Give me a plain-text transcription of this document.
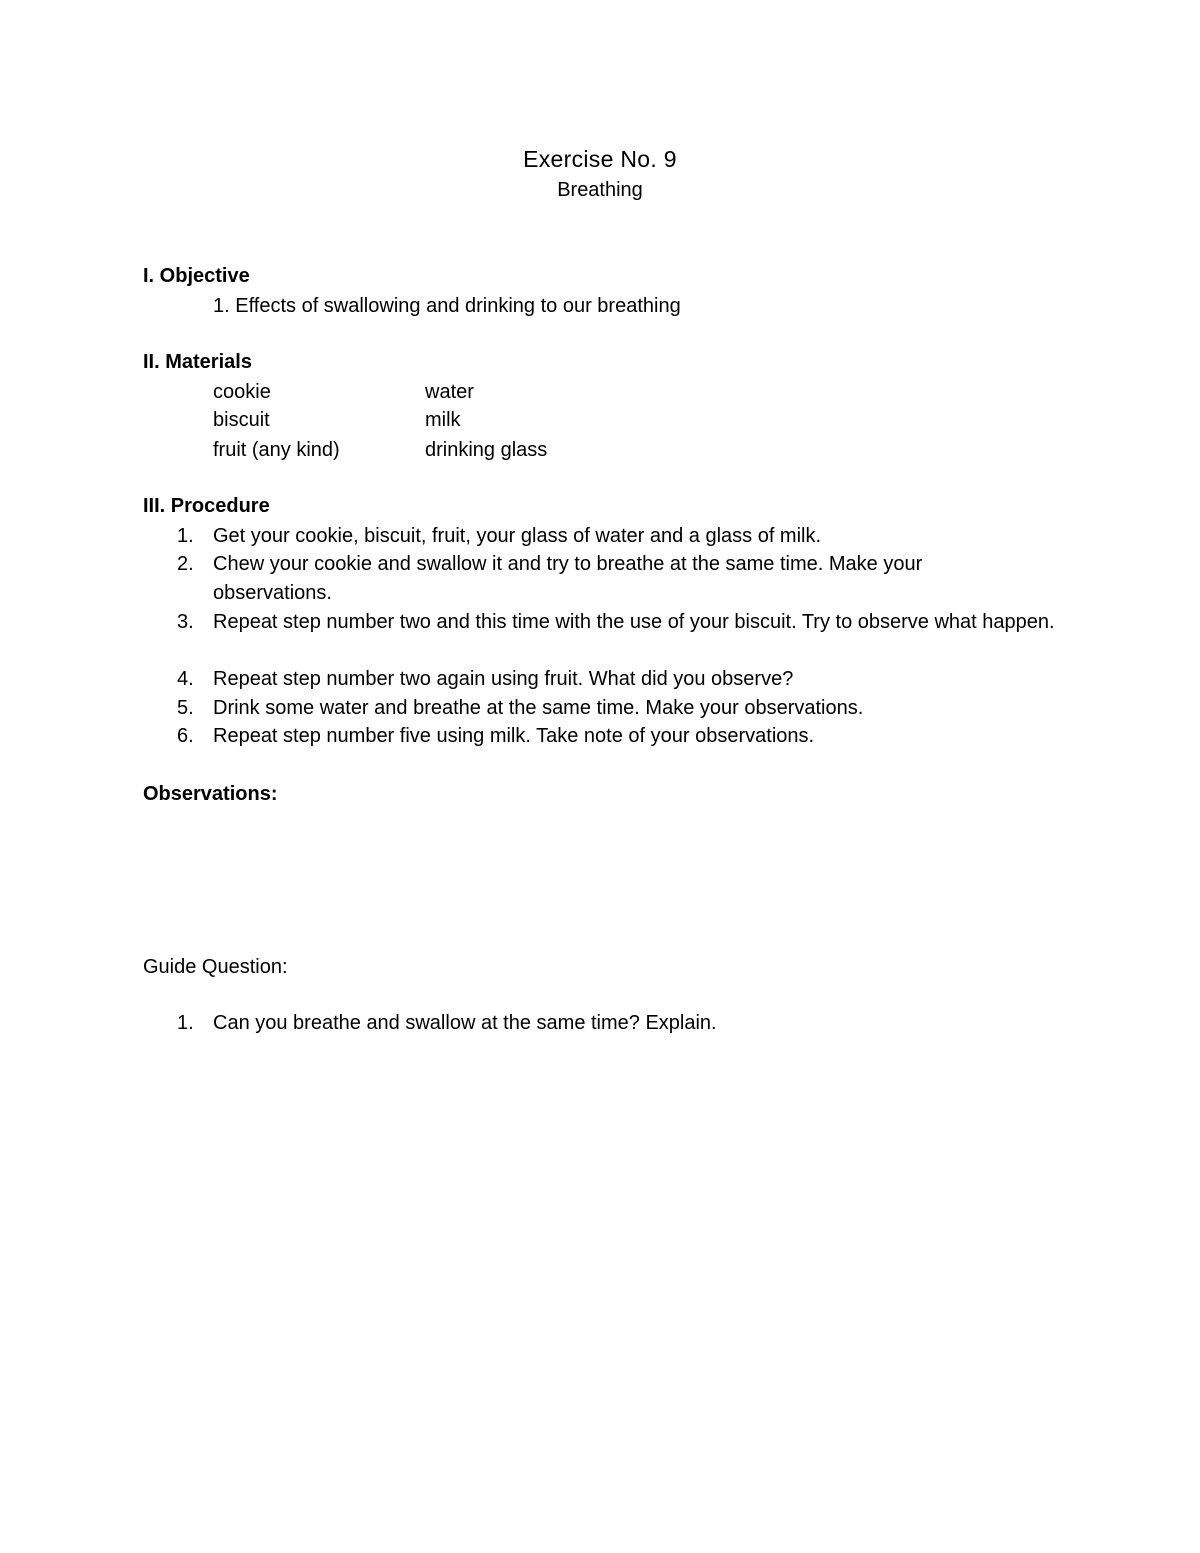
Exercise No. 9
Breathing
I. Objective
1. Effects of swallowing and drinking to our breathing
II. Materials
cookie	water
biscuit	milk
fruit (any kind)	drinking glass
III. Procedure
1. Get your cookie, biscuit, fruit, your glass of water and a glass of milk.
2. Chew your cookie and swallow it and try to breathe at the same time. Make your observations.
3. Repeat step number two and this time with the use of your biscuit. Try to observe what happen.
4. Repeat step number two again using fruit. What did you observe?
5. Drink some water and breathe at the same time. Make your observations.
6. Repeat step number five using milk. Take note of your observations.
Observations:
Guide Question:
1. Can you breathe and swallow at the same time? Explain.
